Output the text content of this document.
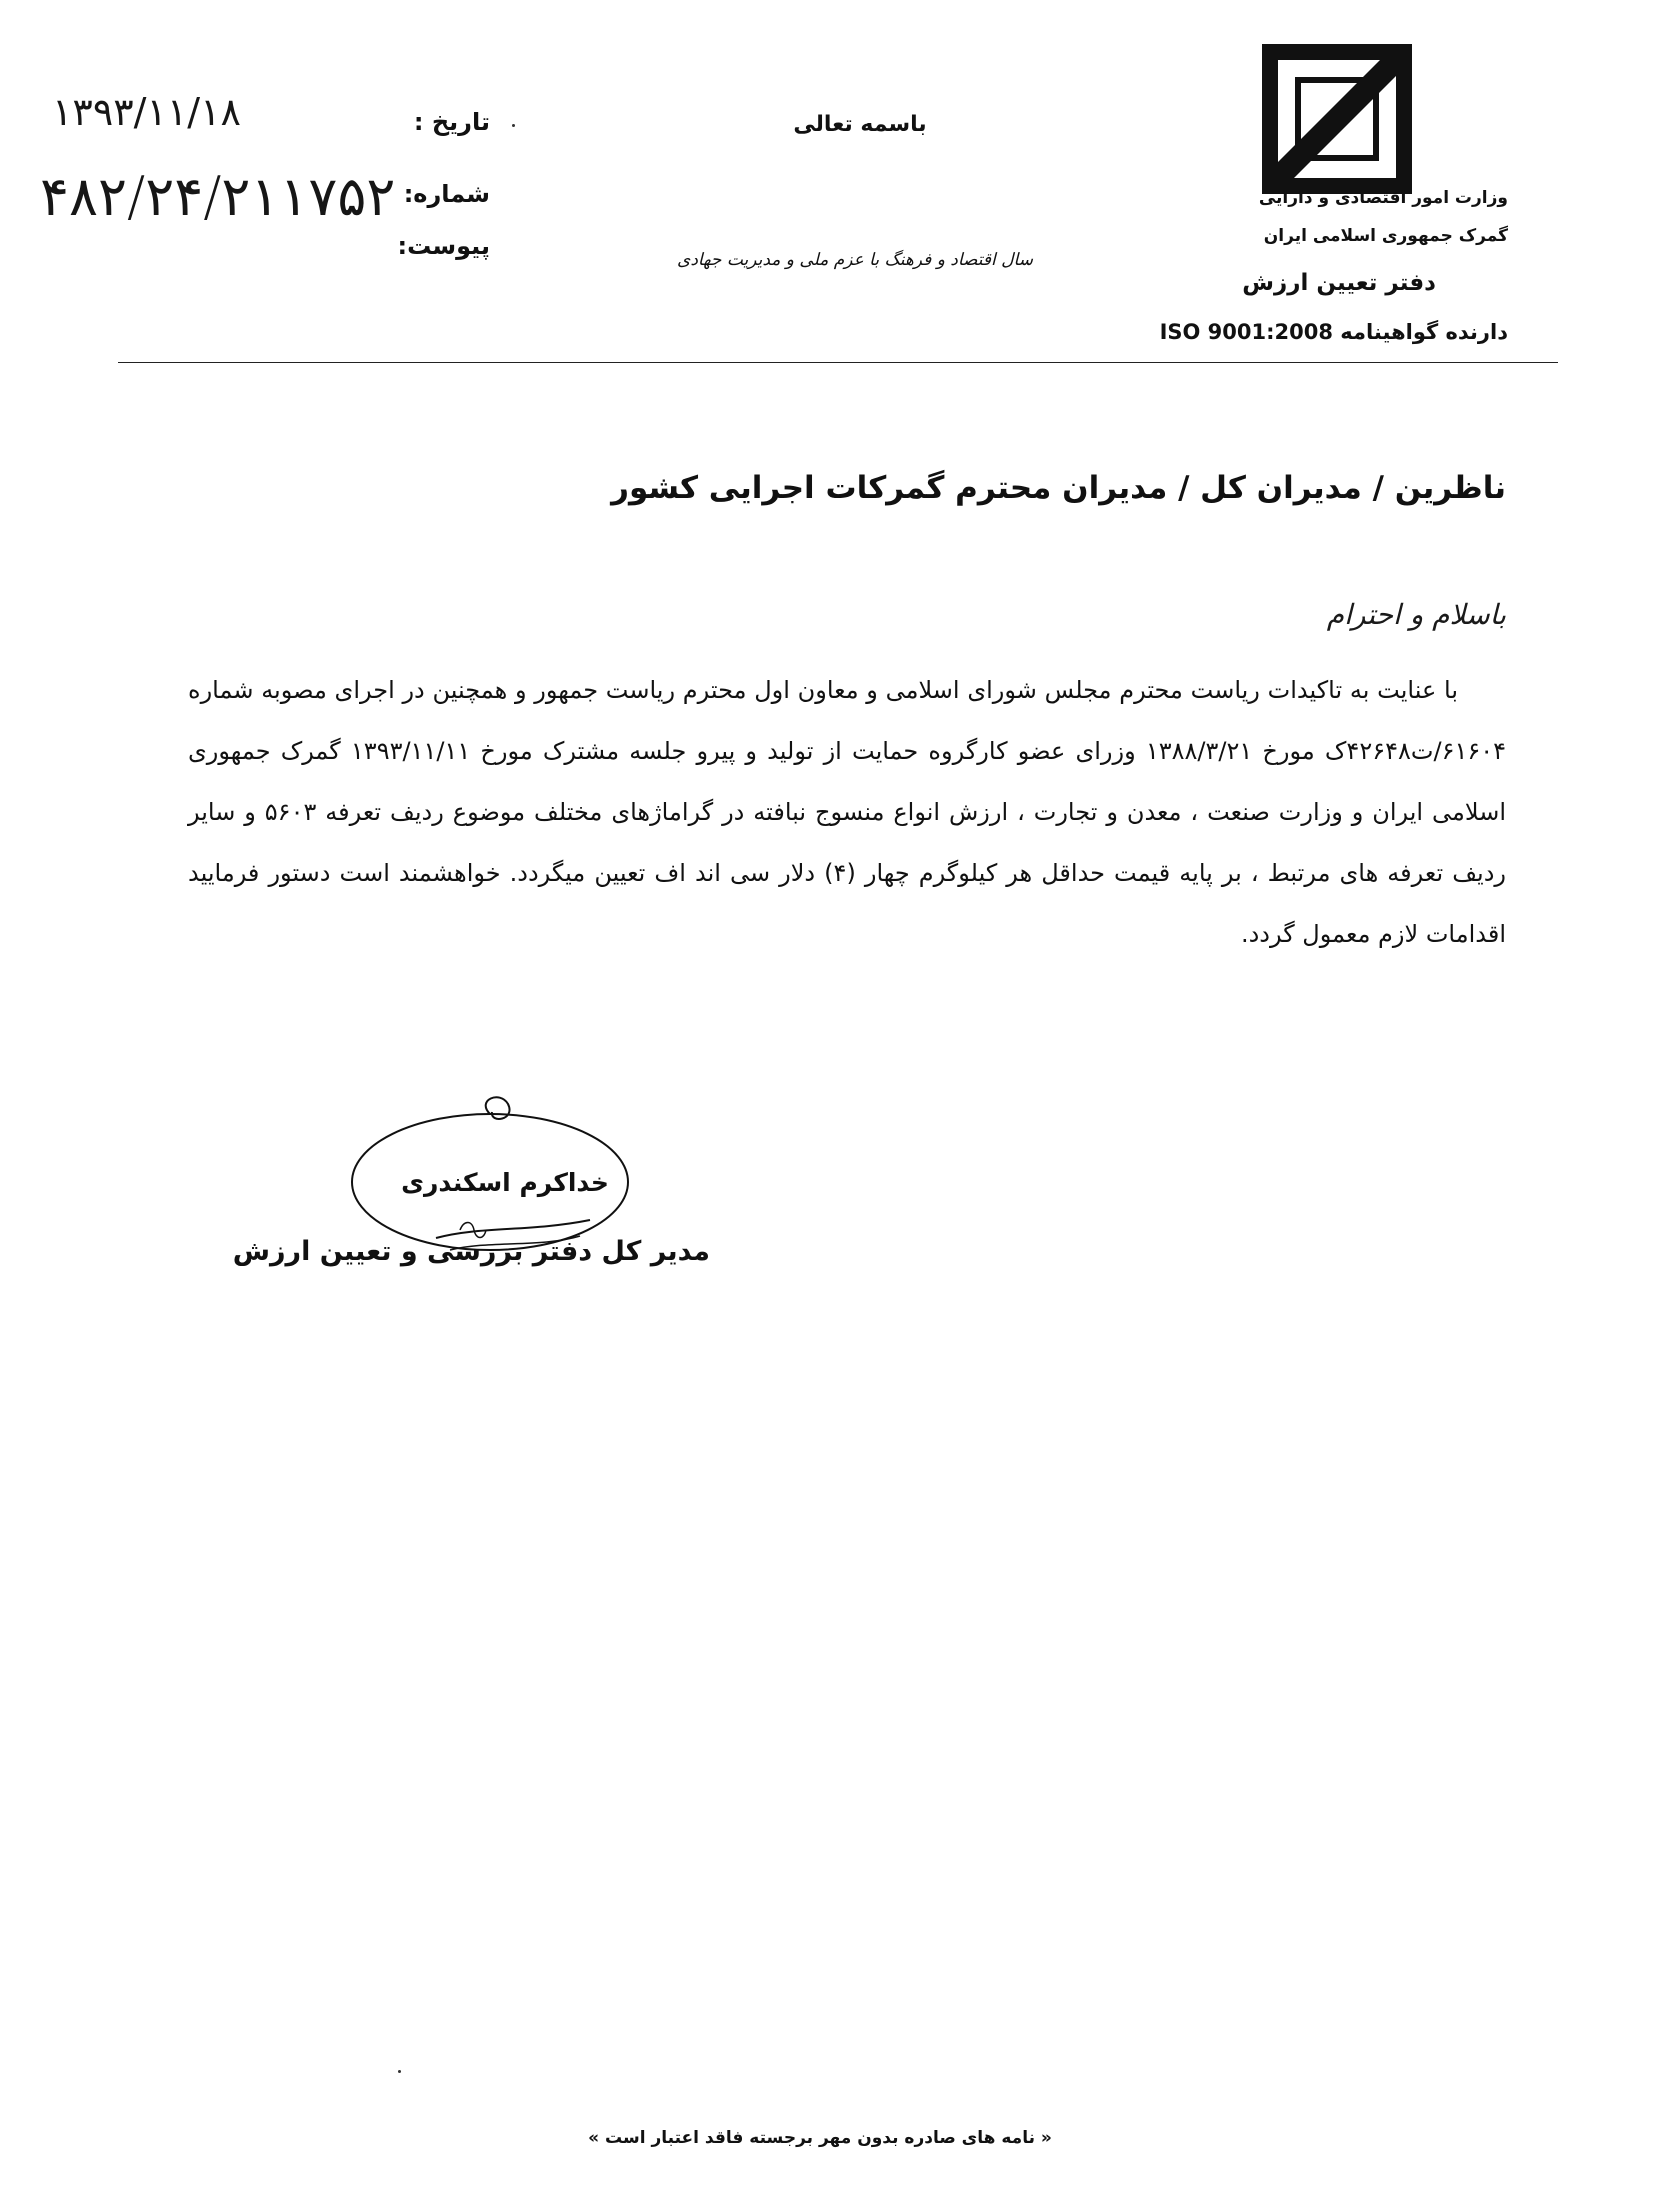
وزارت امور اقتصادی و دارایی
گمرک جمهوری اسلامی ایران
دفتر تعیین ارزش
دارنده گواهینامه ISO 9001:2008
باسمه تعالی
سال اقتصاد و فرهنگ با عزم ملی و مدیریت جهادی
تاریخ :
۱۳۹۳/۱۱/۱۸
شماره:
۴۸۲/۲۴/۲۱۱۷۵۲
پیوست:
ناظرین / مدیران کل / مدیران محترم گمرکات اجرایی کشور
باسلام و احترام
با عنایت به تاکیدات ریاست محترم مجلس شورای اسلامی و معاون اول محترم ریاست جمهور و همچنین در اجرای مصوبه شماره ۶۱۶۰۴/ت۴۲۶۴۸ک مورخ ۱۳۸۸/۳/۲۱ وزرای عضو کارگروه حمایت از تولید و پیرو جلسه مشترک مورخ ۱۳۹۳/۱۱/۱۱ گمرک جمهوری اسلامی ایران و وزارت صنعت ، معدن و تجارت ، ارزش انواع منسوج نبافته در گراماژهای مختلف موضوع ردیف تعرفه ۵۶۰۳ و سایر ردیف تعرفه های مرتبط ، بر پایه قیمت حداقل هر کیلوگرم چهار (۴) دلار سی اند اف تعیین میگردد. خواهشمند است دستور فرمایید اقدامات لازم معمول گردد.
خداکرم اسکندری
مدیر کل دفتر بررسی و تعیین ارزش
« نامه های صادره بدون مهر برجسته فاقد اعتبار است »
